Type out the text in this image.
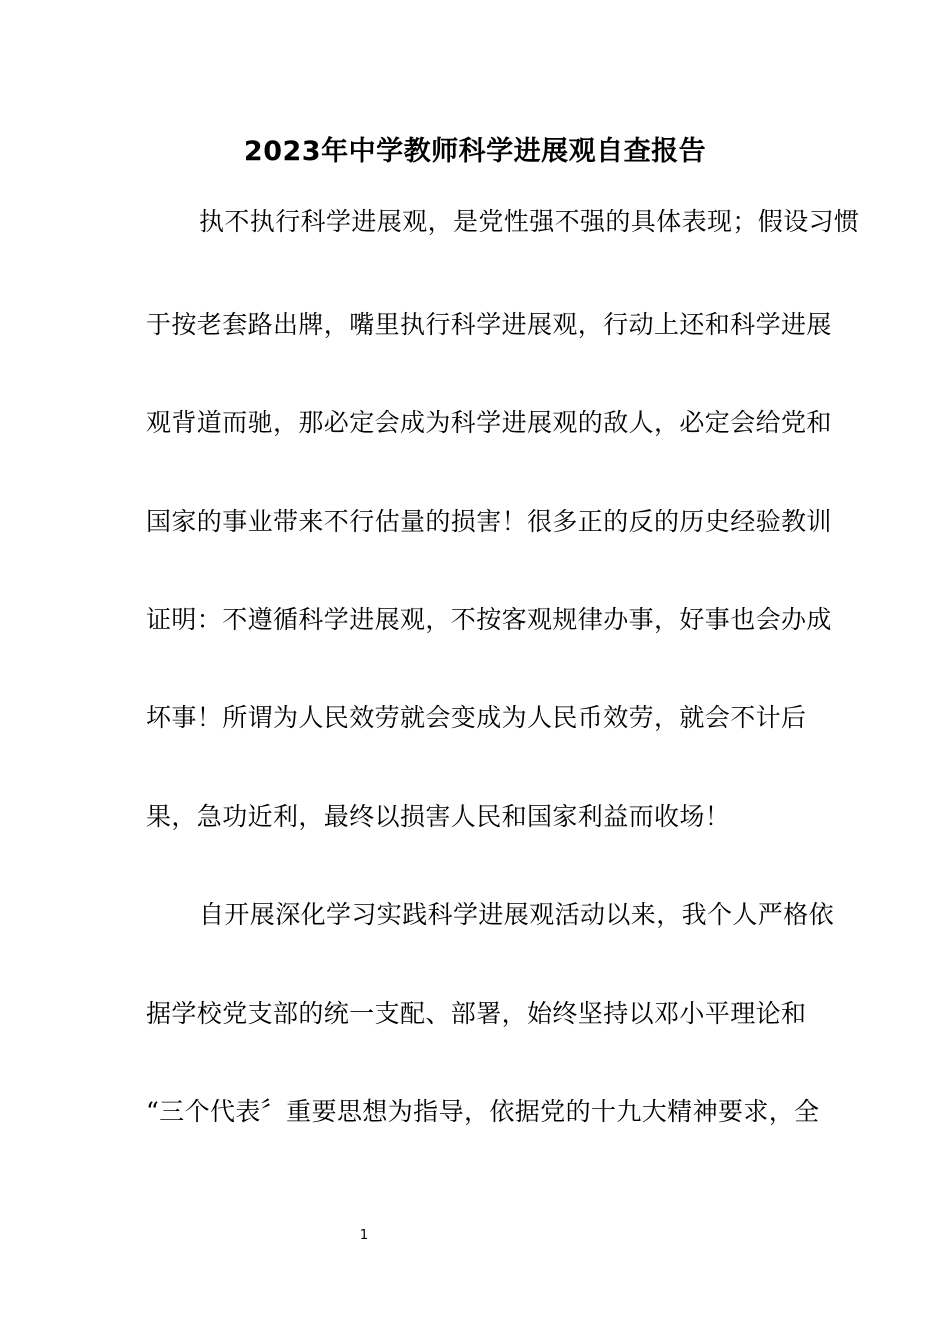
2023年中学教师科学进展观自查报告
执不执行科学进展观，是党性强不强的具体表现；假设习惯
于按老套路出牌，嘴里执行科学进展观，行动上还和科学进展
观背道而驰，那必定会成为科学进展观的敌人，必定会给党和
国家的事业带来不行估量的损害！很多正的反的历史经验教训
证明：不遵循科学进展观，不按客观规律办事，好事也会办成
坏事！所谓为人民效劳就会变成为人民币效劳，就会不计后
果，急功近利，最终以损害人民和国家利益而收场！
自开展深化学习实践科学进展观活动以来，我个人严格依
据学校党支部的统一支配、部署，始终坚持以邓小平理论和
“三个代表〞重要思想为指导，依据党的十九大精神要求，全
1
